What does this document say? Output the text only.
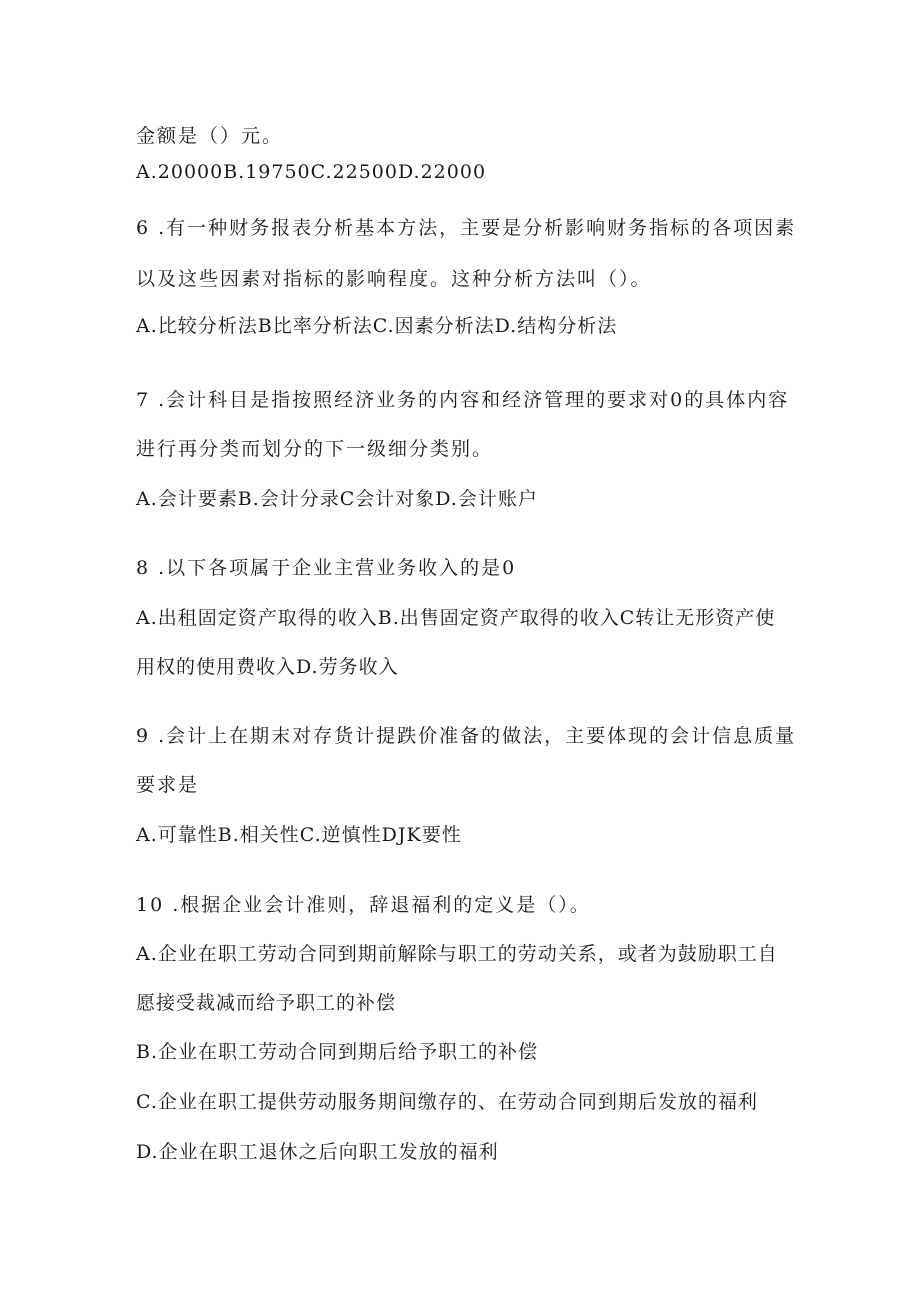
金额是（）元。
A.20000B.19750C.22500D.22000
6 .有一种财务报表分析基本方法，主要是分析影响财务指标的各项因素
以及这些因素对指标的影响程度。这种分析方法叫（）。
A.比较分析法B比率分析法C.因素分析法D.结构分析法
7 .会计科目是指按照经济业务的内容和经济管理的要求对0的具体内容
进行再分类而划分的下一级细分类别。
A.会计要素B.会计分录C会计对象D.会计账户
8 .以下各项属于企业主营业务收入的是0
A.出租固定资产取得的收入B.出售固定资产取得的收入C转让无形资产使
用权的使用费收入D.劳务收入
9 .会计上在期末对存货计提跌价准备的做法，主要体现的会计信息质量
要求是
A.可靠性B.相关性C.逆慎性DJK要性
10 .根据企业会计准则，辞退福利的定义是（）。
A.企业在职工劳动合同到期前解除与职工的劳动关系，或者为鼓励职工自
愿接受裁减而给予职工的补偿
B.企业在职工劳动合同到期后给予职工的补偿
C.企业在职工提供劳动服务期间缴存的、在劳动合同到期后发放的福利
D.企业在职工退休之后向职工发放的福利
